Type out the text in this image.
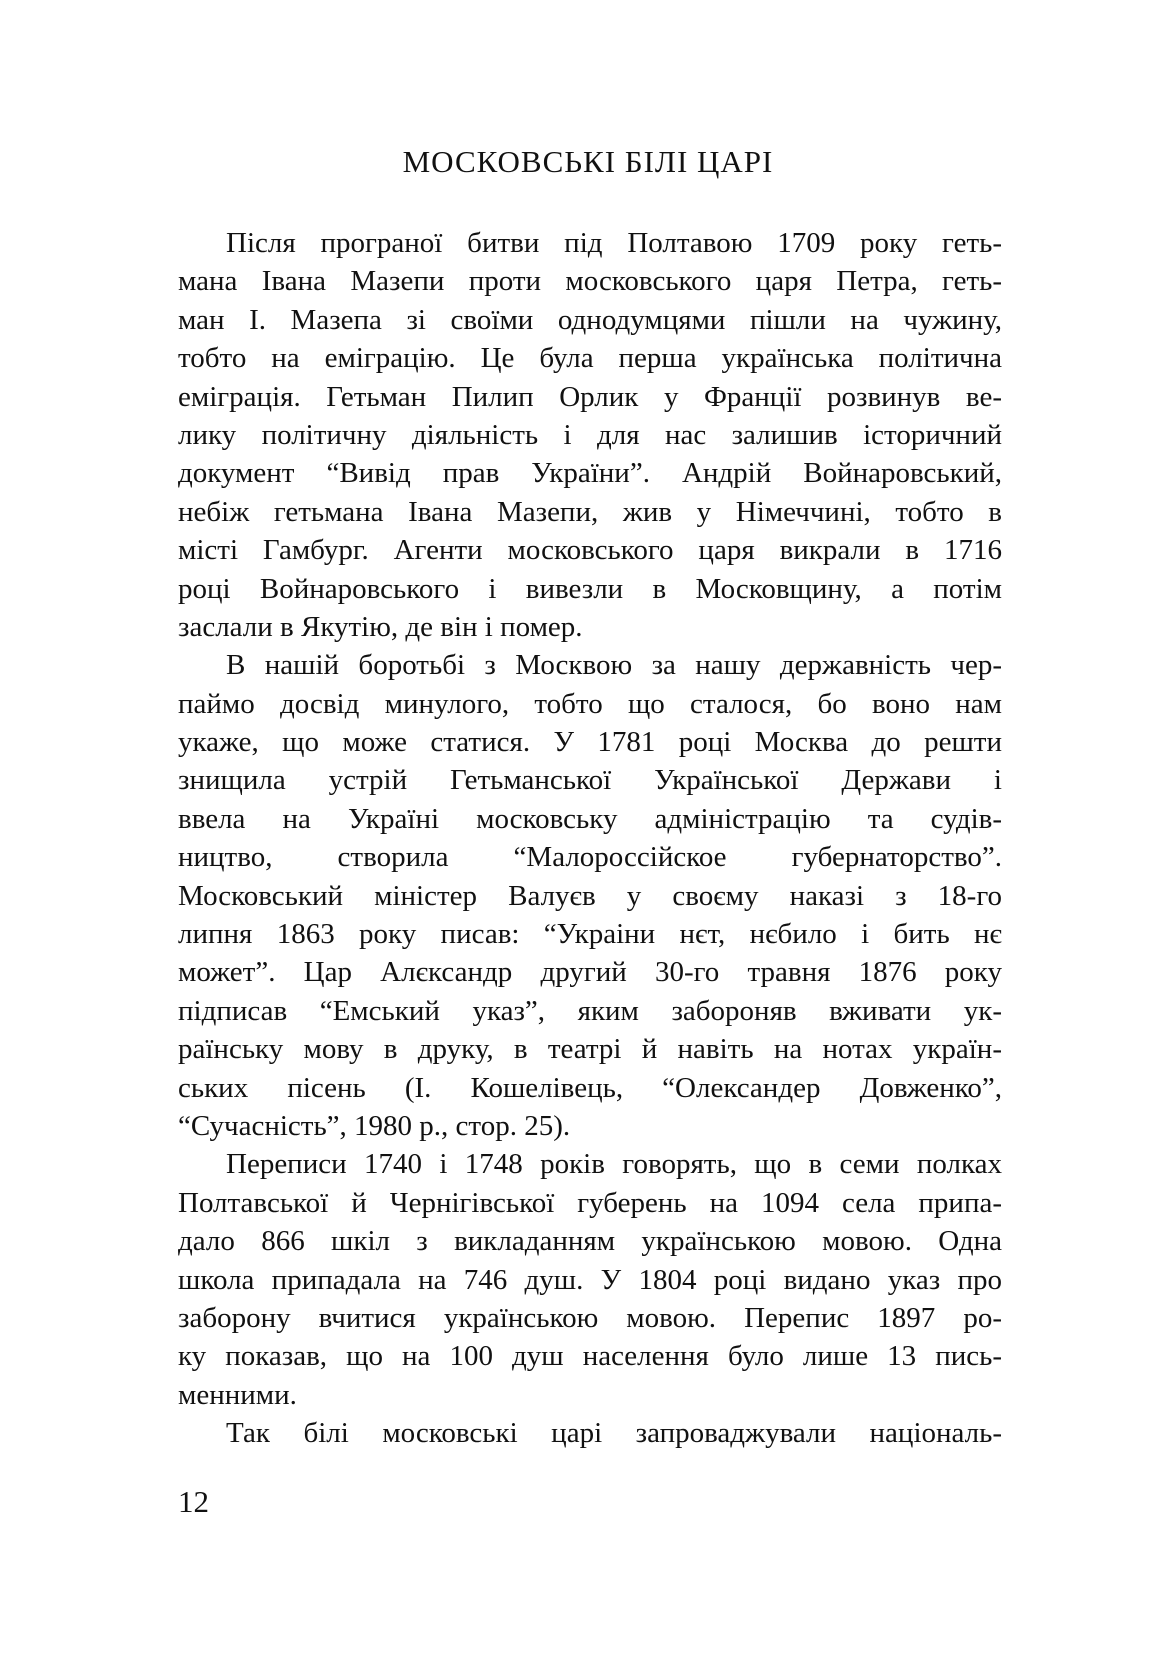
МОСКОВСЬКІ БІЛІ ЦАРІ
Після програної битви під Полтавою 1709 року геть-
мана Івана Мазепи проти московського царя Петра, геть-
ман І. Мазепа зі своїми однодумцями пішли на чужину,
тобто на еміграцію. Це була перша українська політична
еміграція. Гетьман Пилип Орлик у Франції розвинув ве-
лику політичну діяльність і для нас залишив історичний
документ “Вивід прав України”. Андрій Войнаровський,
небіж гетьмана Івана Мазепи, жив у Німеччині, тобто в
місті Гамбург. Агенти московського царя викрали в 1716
році Войнаровського і вивезли в Московщину, а потім
заслали в Якутію, де він і помер.
В нашій боротьбі з Москвою за нашу державність чер-
паймо досвід минулого, тобто що сталося, бо воно нам
укаже, що може статися. У 1781 році Москва до решти
знищила устрій Гетьманської Української Держави і
ввела на Україні московську адміністрацію та судів-
ництво, створила “Малороссійское губернаторство”.
Московський міністер Валуєв у своєму наказі з 18-го
липня 1863 року писав: “Украіни нєт, нєбило і бить нє
может”. Цар Алєксандр другий 30-го травня 1876 року
підписав “Емський указ”, яким забороняв вживати ук-
раїнську мову в друку, в театрі й навіть на нотах україн-
ських пісень (І. Кошелівець, “Олександер Довженко”,
“Сучасність”, 1980 р., стор. 25).
Переписи 1740 і 1748 років говорять, що в семи полках
Полтавської й Чернігівської губерень на 1094 села припа-
дало 866 шкіл з викладанням українською мовою. Одна
школа припадала на 746 душ. У 1804 році видано указ про
заборону вчитися українською мовою. Перепис 1897 ро-
ку показав, що на 100 душ населення було лише 13 пись-
менними.
Так білі московські царі запроваджували національ-

12
